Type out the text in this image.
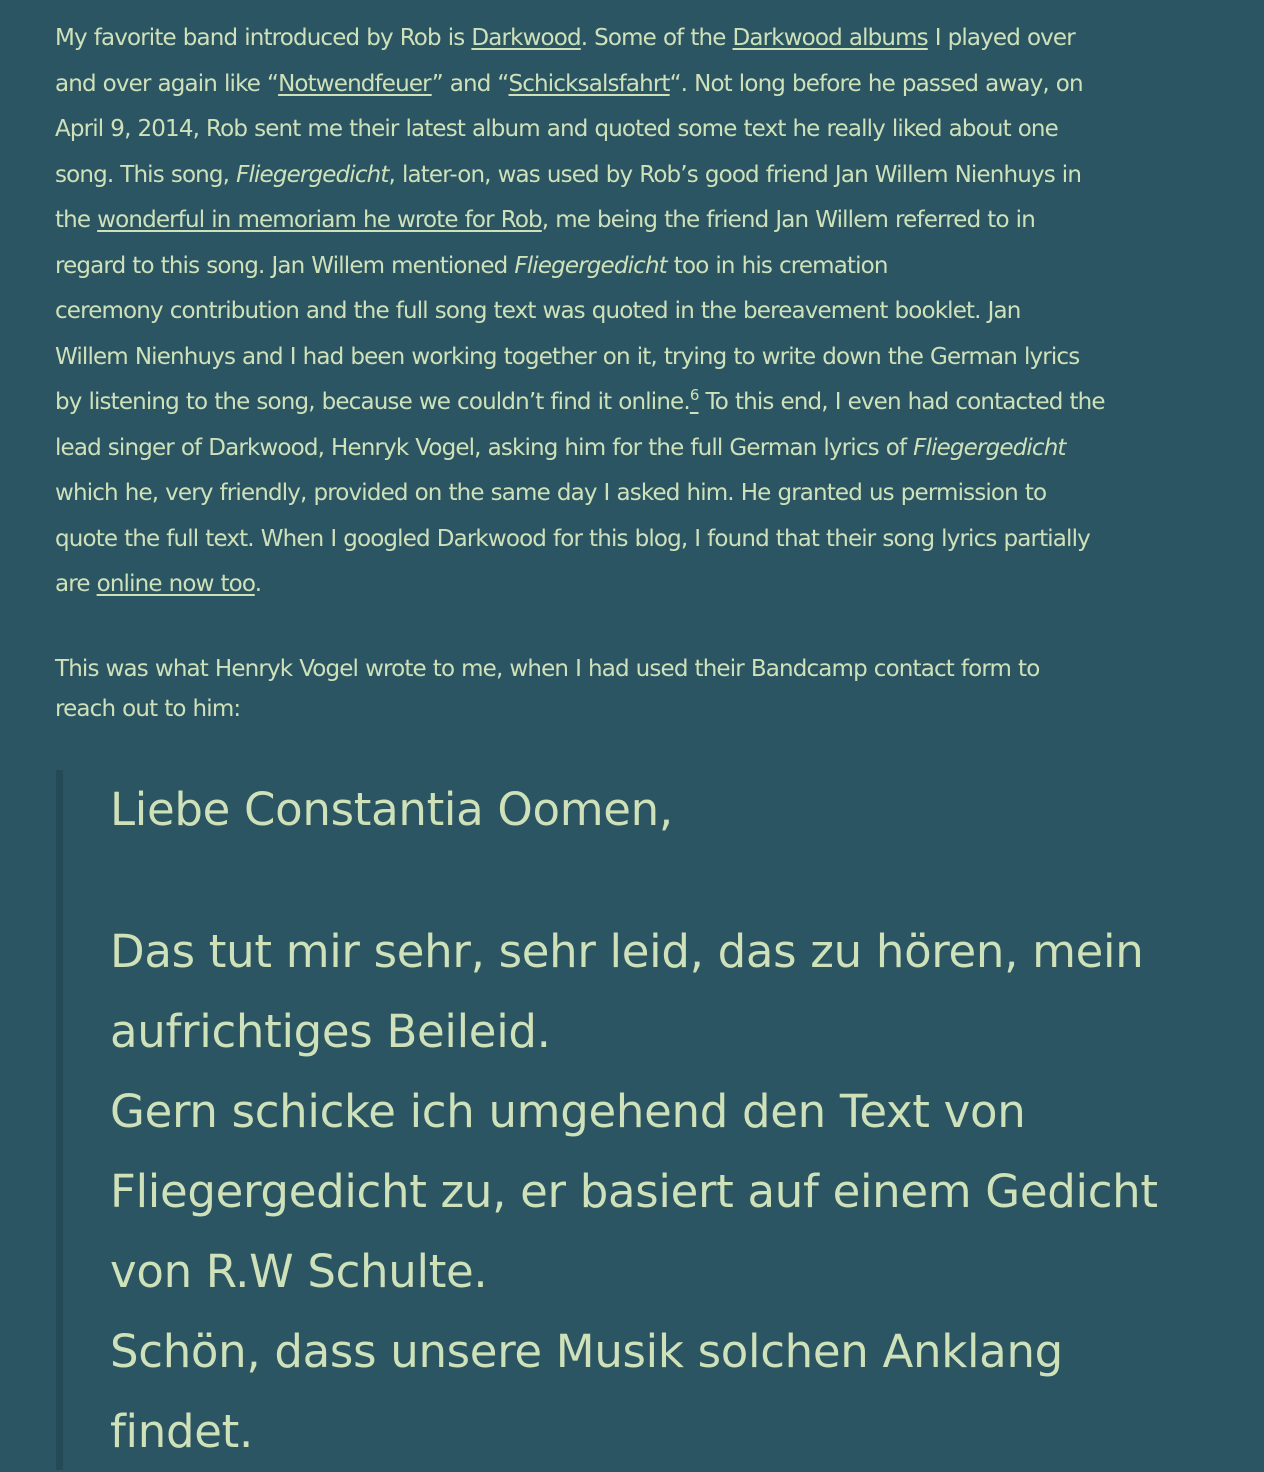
My favorite band introduced by Rob is Darkwood. Some of the Darkwood albums I played over
and over again like “Notwendfeuer” and “Schicksalsfahrt“. Not long before he passed away, on
April 9, 2014, Rob sent me their latest album and quoted some text he really liked about one
song. This song, Fliegergedicht, later-on, was used by Rob’s good friend Jan Willem Nienhuys in
the wonderful in memoriam he wrote for Rob, me being the friend Jan Willem referred to in
regard to this song. Jan Willem mentioned Fliegergedicht too in his cremation
ceremony contribution and the full song text was quoted in the bereavement booklet. Jan
Willem Nienhuys and I had been working together on it, trying to write down the German lyrics
by listening to the song, because we couldn’t find it online.$^6$ To this end, I even had contacted the
lead singer of Darkwood, Henryk Vogel, asking him for the full German lyrics of Fliegergedicht
which he, very friendly, provided on the same day I asked him. He granted us permission to
quote the full text. When I googled Darkwood for this blog, I found that their song lyrics partially
are online now too.

This was what Henryk Vogel wrote to me, when I had used their Bandcamp contact form to
reach out to him:

Liebe Constantia Oomen,
Das tut mir sehr, sehr leid, das zu hören, mein
aufrichtiges Beileid.
Gern schicke ich umgehend den Text von
Fliegergedicht zu, er basiert auf einem Gedicht
von R.W Schulte.
Schön, dass unsere Musik solchen Anklang
findet.
